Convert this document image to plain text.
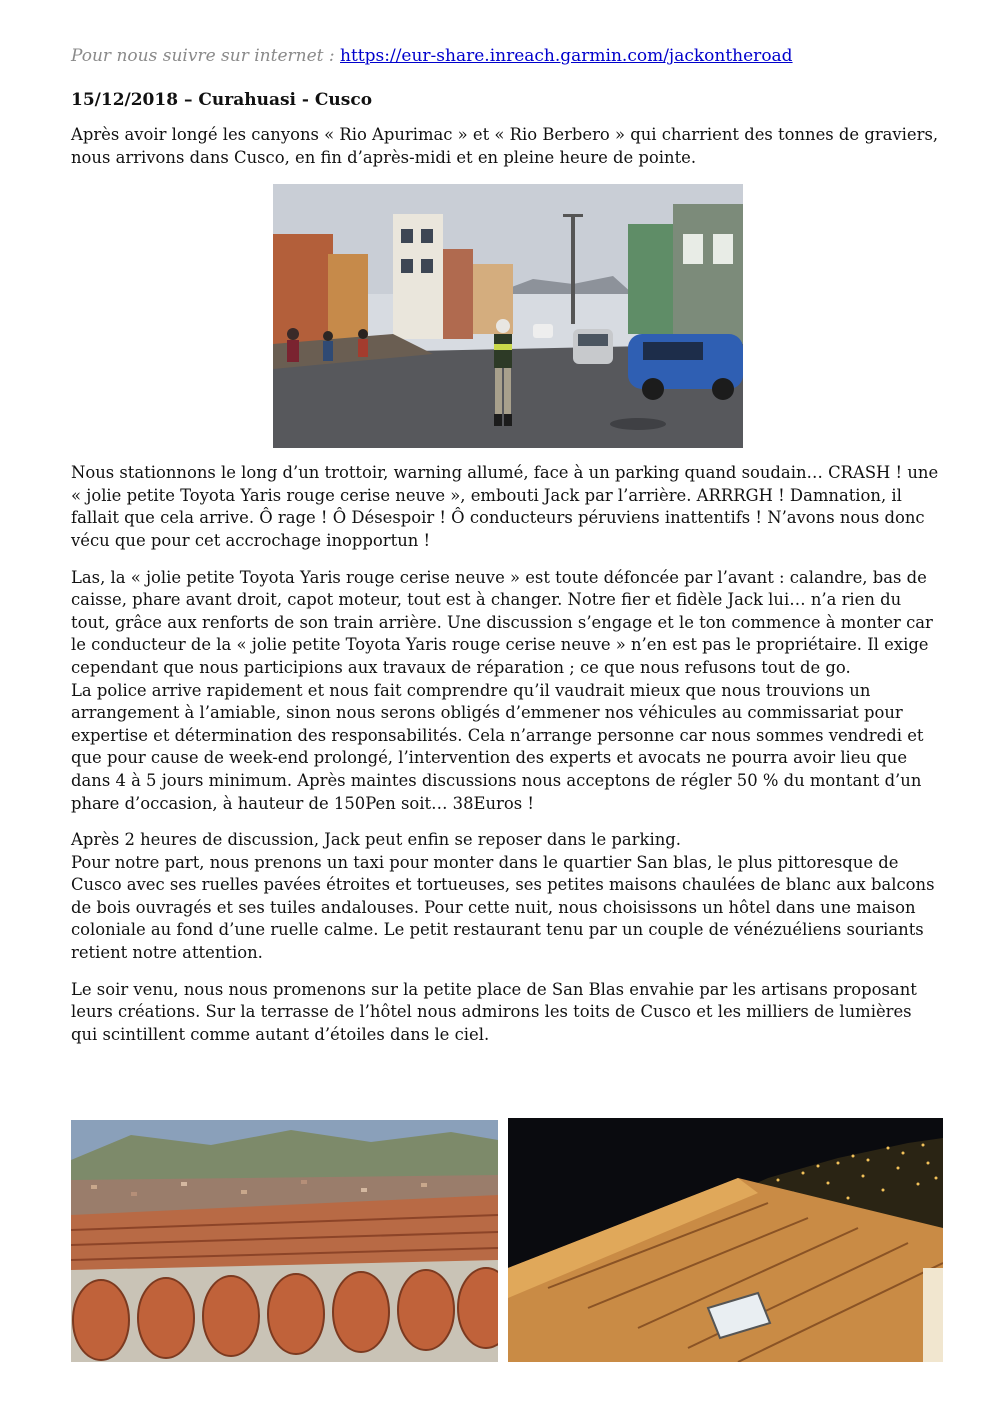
Pour nous suivre sur internet : https://eur-share.inreach.garmin.com/jackontheroad

15/12/2018 – Curahuasi - Cusco

Après avoir longé les canyons « Rio Apurimac » et « Rio Berbero » qui charrient des tonnes de graviers, nous arrivons dans Cusco, en fin d’après-midi et en pleine heure de pointe.

Nous stationnons le long d’un trottoir, warning allumé, face à un parking quand soudain… CRASH ! une « jolie petite Toyota Yaris rouge cerise neuve », embouti Jack par l’arrière. ARRRGH ! Damnation, il fallait que cela arrive. Ô rage ! Ô Désespoir ! Ô conducteurs péruviens inattentifs ! N’avons nous donc vécu que pour cet accrochage inopportun !

Las, la « jolie petite Toyota Yaris rouge cerise neuve » est toute défoncée par l’avant : calandre, bas de caisse, phare avant droit, capot moteur, tout est à changer. Notre fier et fidèle Jack lui… n’a rien du tout, grâce aux renforts de son train arrière. Une discussion s’engage et le ton commence à monter car le conducteur de la « jolie petite Toyota Yaris rouge cerise neuve » n’en est pas le propriétaire. Il exige cependant que nous participions aux travaux de réparation ; ce que nous refusons tout de go.

La police arrive rapidement et nous fait comprendre qu’il vaudrait mieux que nous trouvions un arrangement à l’amiable, sinon nous serons obligés d’emmener nos véhicules au commissariat pour expertise et détermination des responsabilités. Cela n’arrange personne car nous sommes vendredi et que pour cause de week-end prolongé, l’intervention des experts et avocats ne pourra avoir lieu que dans 4 à 5 jours minimum. Après maintes discussions nous acceptons de régler 50 % du montant d’un phare d’occasion, à hauteur de 150Pen soit… 38Euros !

Après 2 heures de discussion, Jack peut enfin se reposer dans le parking.

Pour notre part, nous prenons un taxi pour monter dans le quartier San blas, le plus pittoresque de Cusco avec ses ruelles pavées étroites et tortueuses, ses petites maisons chaulées de blanc aux balcons de bois ouvragés et ses tuiles andalouses. Pour cette nuit, nous choisissons un hôtel dans une maison coloniale au fond d’une ruelle calme. Le petit restaurant tenu par un couple de vénézuéliens souriants retient notre attention.

Le soir venu, nous nous promenons sur la petite place de San Blas envahie par les artisans proposant leurs créations. Sur la terrasse de l’hôtel nous admirons les toits de Cusco et les milliers de lumières qui scintillent comme autant d’étoiles dans le ciel.
